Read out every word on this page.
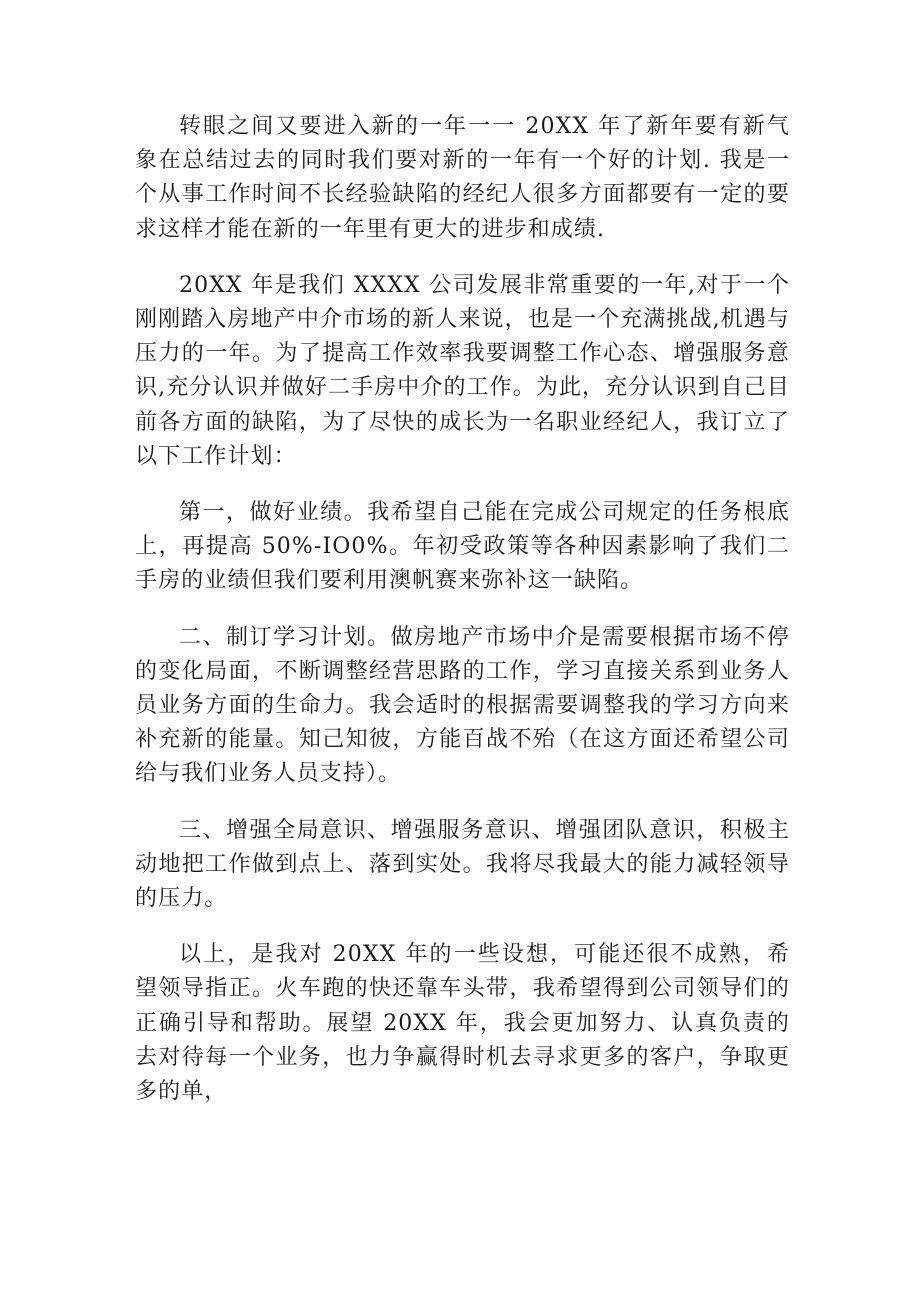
转眼之间又要进入新的一年一一 20XX 年了新年要有新气象在总结过去的同时我们要对新的一年有一个好的计划. 我是一个从事工作时间不长经验缺陷的经纪人很多方面都要有一定的要求这样才能在新的一年里有更大的进步和成绩.

20XX 年是我们 XXXX 公司发展非常重要的一年,对于一个刚刚踏入房地产中介市场的新人来说，也是一个充满挑战,机遇与压力的一年。为了提高工作效率我要调整工作心态、增强服务意识,充分认识并做好二手房中介的工作。为此，充分认识到自己目前各方面的缺陷，为了尽快的成长为一名职业经纪人，我订立了以下工作计划：

第一，做好业绩。我希望自己能在完成公司规定的任务根底上，再提高 50%-IO0%。年初受政策等各种因素影响了我们二手房的业绩但我们要利用澳帆赛来弥补这一缺陷。

二、制订学习计划。做房地产市场中介是需要根据市场不停的变化局面，不断调整经营思路的工作，学习直接关系到业务人员业务方面的生命力。我会适时的根据需要调整我的学习方向来补充新的能量。知己知彼，方能百战不殆（在这方面还希望公司给与我们业务人员支持）。

三、增强全局意识、增强服务意识、增强团队意识，积极主动地把工作做到点上、落到实处。我将尽我最大的能力减轻领导的压力。

以上，是我对 20XX 年的一些设想，可能还很不成熟，希望领导指正。火车跑的快还靠车头带，我希望得到公司领导们的正确引导和帮助。展望 20XX 年，我会更加努力、认真负责的去对待每一个业务，也力争赢得时机去寻求更多的客户，争取更多的单，
